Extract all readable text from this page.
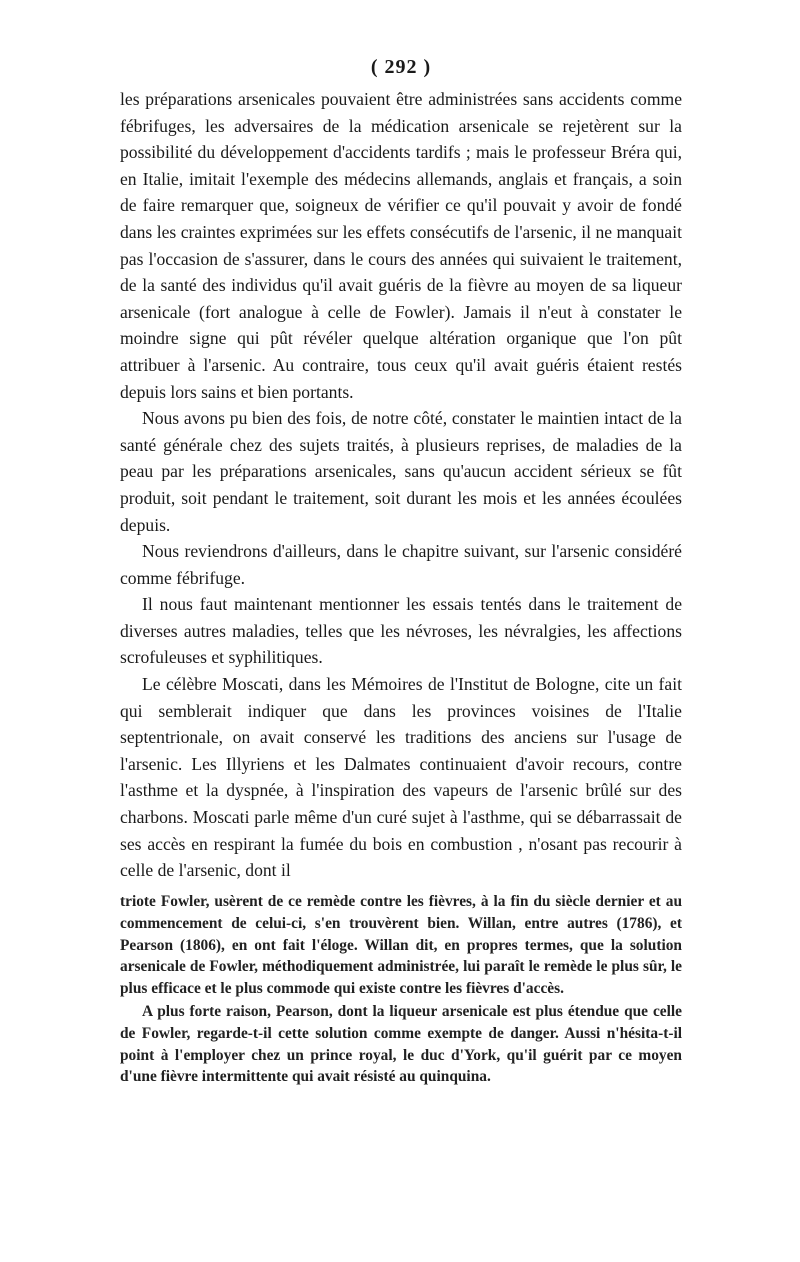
( 292 )

les préparations arsenicales pouvaient être administrées sans accidents comme fébrifuges, les adversaires de la médication arsenicale se rejetèrent sur la possibilité du développement d'accidents tardifs ; mais le professeur Bréra qui, en Italie, imitait l'exemple des médecins allemands, anglais et français, a soin de faire remarquer que, soigneux de vérifier ce qu'il pouvait y avoir de fondé dans les craintes exprimées sur les effets consécutifs de l'arsenic, il ne manquait pas l'occasion de s'assurer, dans le cours des années qui suivaient le traitement, de la santé des individus qu'il avait guéris de la fièvre au moyen de sa liqueur arsenicale (fort analogue à celle de Fowler). Jamais il n'eut à constater le moindre signe qui pût révéler quelque altération organique que l'on pût attribuer à l'arsenic. Au contraire, tous ceux qu'il avait guéris étaient restés depuis lors sains et bien portants.

Nous avons pu bien des fois, de notre côté, constater le maintien intact de la santé générale chez des sujets traités, à plusieurs reprises, de maladies de la peau par les préparations arsenicales, sans qu'aucun accident sérieux se fût produit, soit pendant le traitement, soit durant les mois et les années écoulées depuis.

Nous reviendrons d'ailleurs, dans le chapitre suivant, sur l'arsenic considéré comme fébrifuge.

Il nous faut maintenant mentionner les essais tentés dans le traitement de diverses autres maladies, telles que les névroses, les névralgies, les affections scrofuleuses et syphilitiques.

Le célèbre Moscati, dans les Mémoires de l'Institut de Bologne, cite un fait qui semblerait indiquer que dans les provinces voisines de l'Italie septentrionale, on avait conservé les traditions des anciens sur l'usage de l'arsenic. Les Illyriens et les Dalmates continuaient d'avoir recours, contre l'asthme et la dyspnée, à l'inspiration des vapeurs de l'arsenic brûlé sur des charbons. Moscati parle même d'un curé sujet à l'asthme, qui se débarrassait de ses accès en respirant la fumée du bois en combustion , n'osant pas recourir à celle de l'arsenic, dont il

triote Fowler, usèrent de ce remède contre les fièvres, à la fin du siècle dernier et au commencement de celui-ci, s'en trouvèrent bien. Willan, entre autres (1786), et Pearson (1806), en ont fait l'éloge. Willan dit, en propres termes, que la solution arsenicale de Fowler, méthodiquement administrée, lui paraît le remède le plus sûr, le plus efficace et le plus commode qui existe contre les fièvres d'accès.

A plus forte raison, Pearson, dont la liqueur arsenicale est plus étendue que celle de Fowler, regarde-t-il cette solution comme exempte de danger. Aussi n'hésita-t-il point à l'employer chez un prince royal, le duc d'York, qu'il guérit par ce moyen d'une fièvre intermittente qui avait résisté au quinquina.
